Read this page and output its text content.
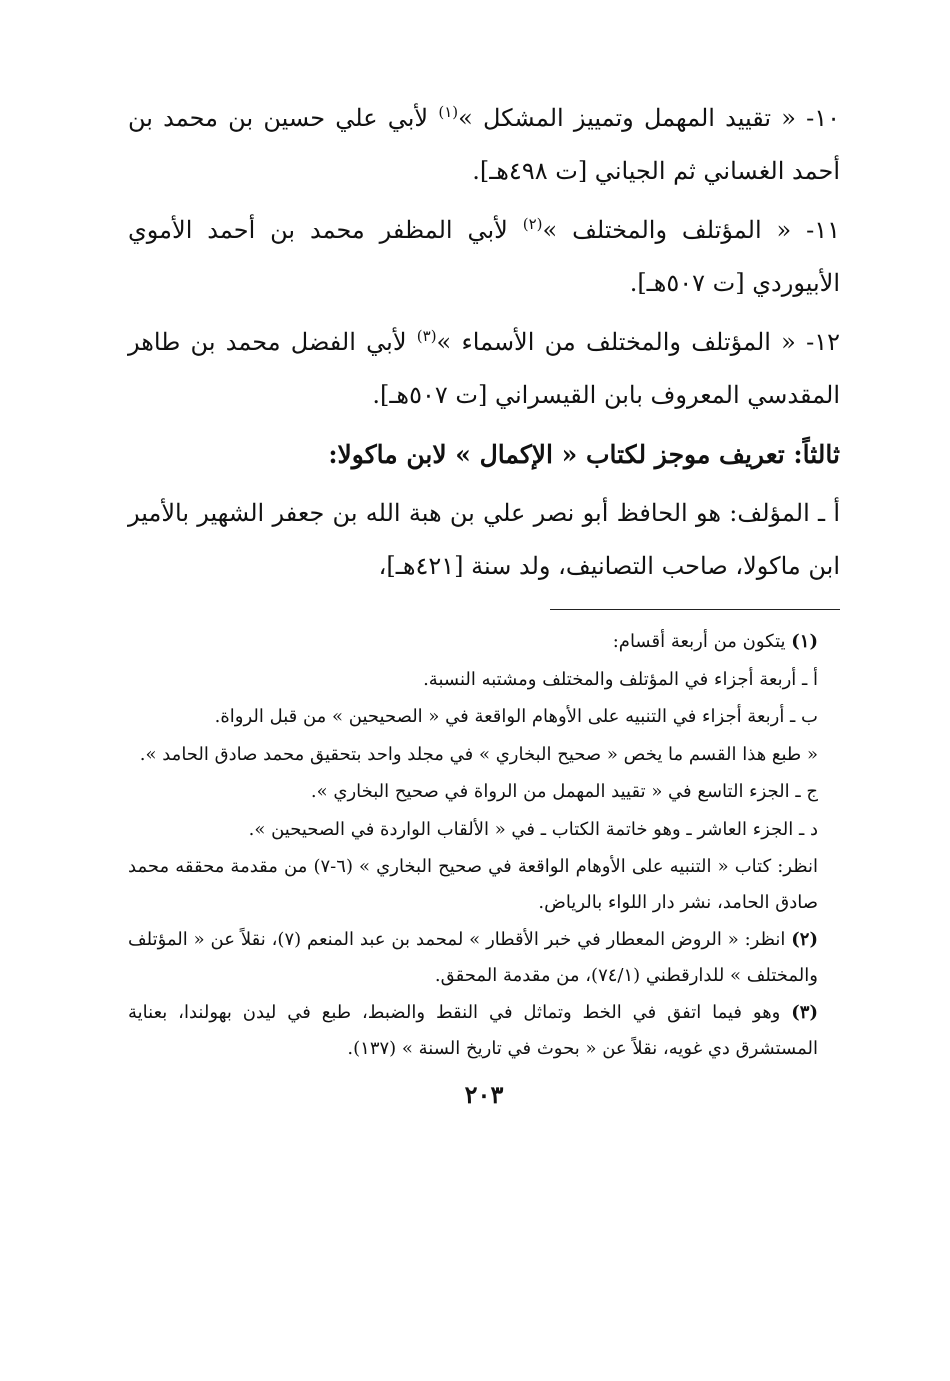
١٠- « تقييد المهمل وتمييز المشكل »$^{(١)}$ لأبي علي حسين بن محمد بن أحمد الغساني ثم الجياني [ت ٤٩٨هـ].

١١- « المؤتلف والمختلف »$^{(٢)}$ لأبي المظفر محمد بن أحمد الأموي الأبيوردي [ت ٥٠٧هـ].

١٢- « المؤتلف والمختلف من الأسماء »$^{(٣)}$ لأبي الفضل محمد بن طاهر المقدسي المعروف بابن القيسراني [ت ٥٠٧هـ].

ثالثاً: تعريف موجز لكتاب « الإكمال » لابن ماكولا:

أ ـ المؤلف: هو الحافظ أبو نصر علي بن هبة الله بن جعفر الشهير بالأمير ابن ماكولا، صاحب التصانيف، ولد سنة [٤٢١هـ]،

(١) يتكون من أربعة أقسام:

أ ـ أربعة أجزاء في المؤتلف والمختلف ومشتبه النسبة.

ب ـ أربعة أجزاء في التنبيه على الأوهام الواقعة في « الصحيحين » من قبل الرواة.

« طبع هذا القسم ما يخص « صحيح البخاري » في مجلد واحد بتحقيق محمد صادق الحامد ».

ج ـ الجزء التاسع في « تقييد المهمل من الرواة في صحيح البخاري ».

د ـ الجزء العاشر ـ وهو خاتمة الكتاب ـ في « الألقاب الواردة في الصحيحين ».

انظر: كتاب « التنبيه على الأوهام الواقعة في صحيح البخاري » (٦-٧) من مقدمة محققه محمد صادق الحامد، نشر دار اللواء بالرياض.

(٢) انظر: « الروض المعطار في خبر الأقطار » لمحمد بن عبد المنعم (٧)، نقلاً عن « المؤتلف والمختلف » للدارقطني (٧٤/١)، من مقدمة المحقق.

(٣) وهو فيما اتفق في الخط وتماثل في النقط والضبط، طبع في ليدن بهولندا، بعناية المستشرق دي غويه، نقلاً عن « بحوث في تاريخ السنة » (١٣٧).

٢٠٣
